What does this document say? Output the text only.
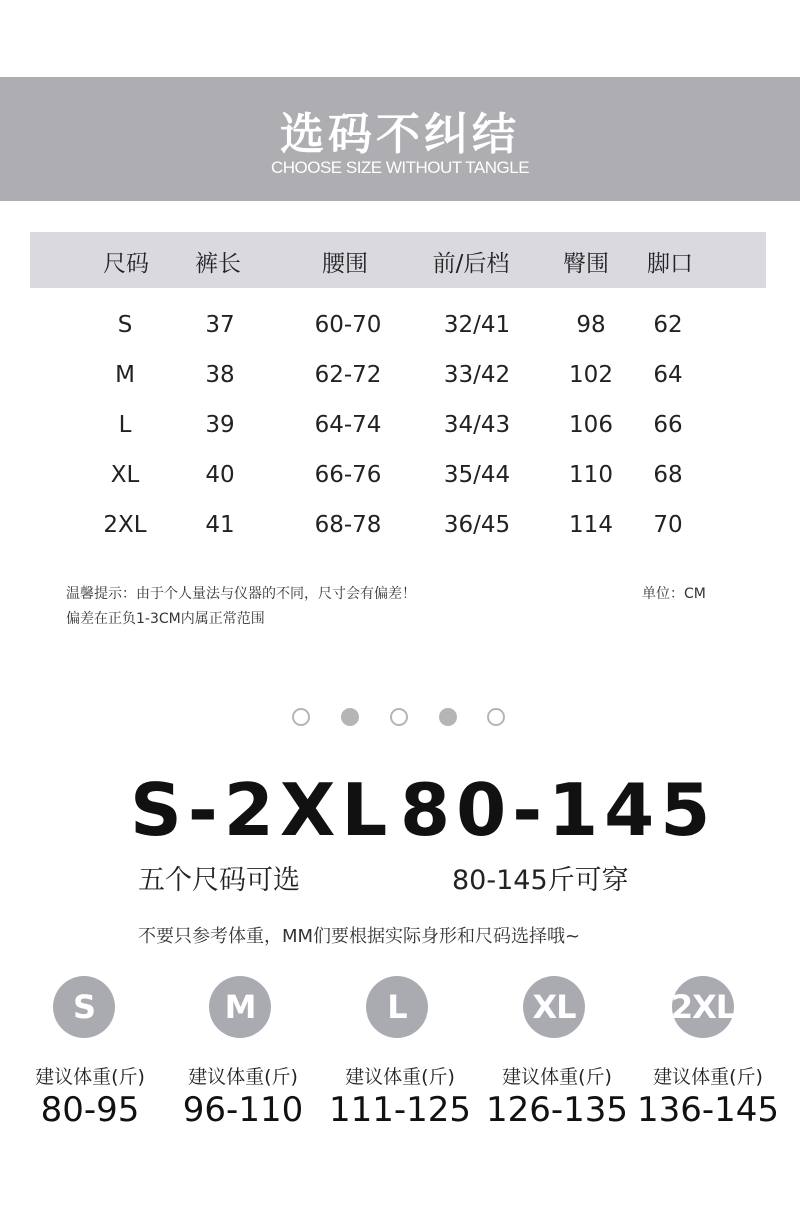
选码不纠结
CHOOSE SIZE WITHOUT TANGLE
尺码 裤长	腰围	前/后档 臀围 脚口
S	37	60-70	32/41	98 62
M	38	62-72	33/42	102 64
L	39	64-74	34/43	106 66
XL	40	66-76	35/44	110 68
2XL	41	68-78	36/45	114 70
温馨提示：由于个人量法与仪器的不同，尺寸会有偏差！
偏差在正负1-3CM内属正常范围
单位：CM
S-2XL 80-145
五个尺码可选	80-145斤可穿
不要只参考体重，MM们要根据实际身形和尺码选择哦~
S	M	L	XL	2XL
建议体重(斤) 建议体重(斤) 建议体重(斤) 建议体重(斤) 建议体重(斤)
80-95 96-110 111-125 126-135 136-145
